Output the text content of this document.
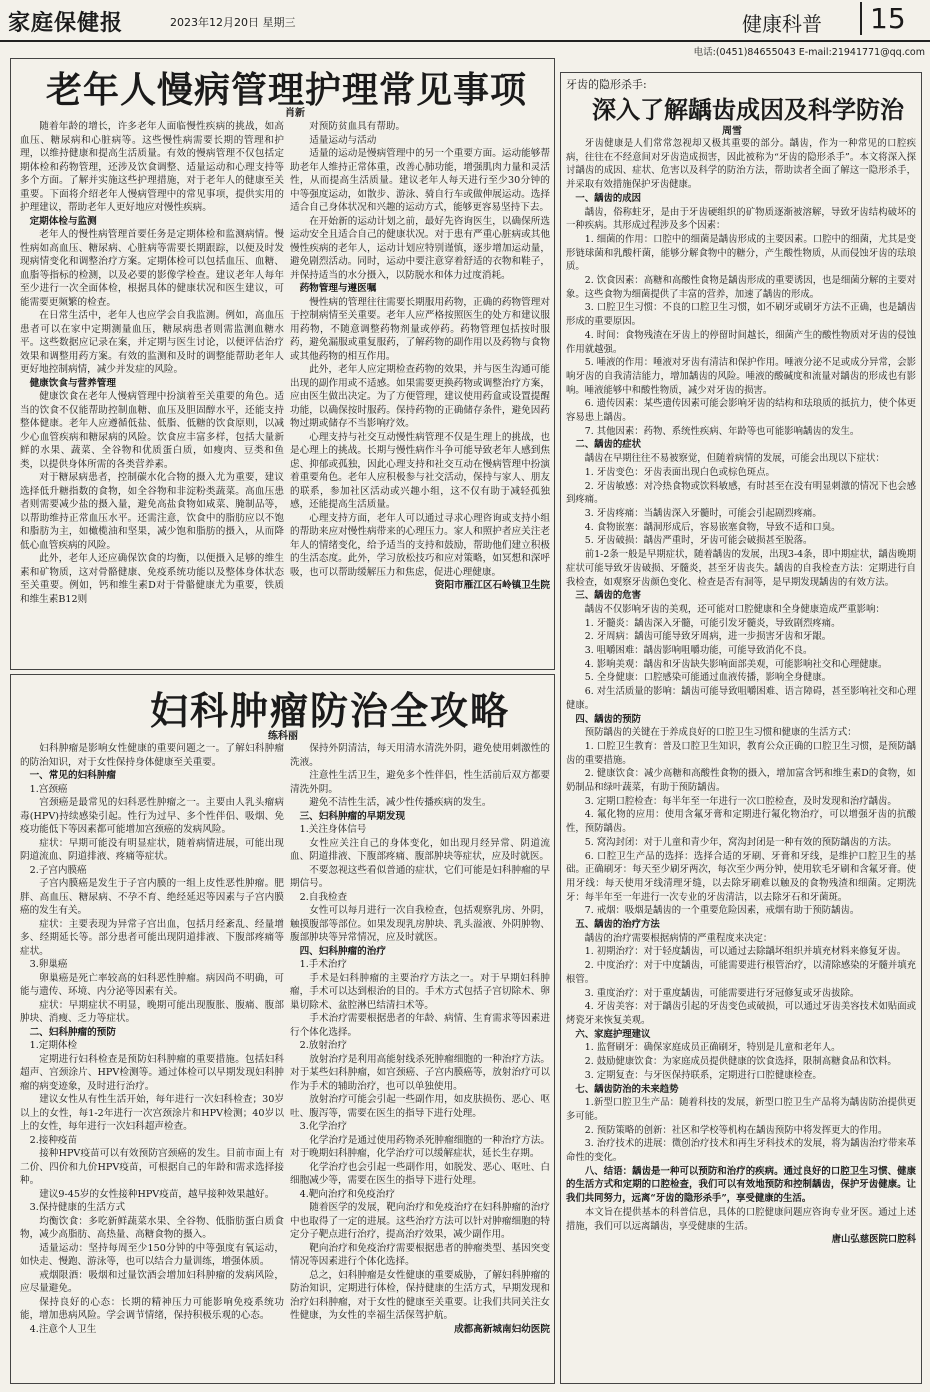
家庭保健报	2023年12月20日 星期三	健康科普	15
电话:(0451)84655043 E-mail:21941771@qq.com
老年人慢病管理护理常见事项
肖新

随着年龄的增长，许多老年人面临慢性疾病的挑战，如高血压、糖尿病和心脏病等。这些慢性病需要长期的管理和护理，以维持健康和提高生活质量。有效的慢病管理不仅包括定期体检和药物管理，还涉及饮食调整、适量运动和心理支持等多个方面。了解并实施这些护理措施，对于老年人的健康至关重要。下面将介绍老年人慢病管理中的常见事项，提供实用的护理建议，帮助老年人更好地应对慢性疾病。

定期体检与监测

老年人的慢性病管理首要任务是定期体检和监测病情。慢性病如高血压、糖尿病、心脏病等需要长期跟踪，以便及时发现病情变化和调整治疗方案。定期体检可以包括血压、血糖、血脂等指标的检测，以及必要的影像学检查。建议老年人每年至少进行一次全面体检，根据具体的健康状况和医生建议，可能需要更频繁的检查。

在日常生活中，老年人也应学会自我监测。例如，高血压患者可以在家中定期测量血压，糖尿病患者则需监测血糖水平。这些数据应记录在案，并定期与医生讨论，以便评估治疗效果和调整用药方案。有效的监测和及时的调整能帮助老年人更好地控制病情，减少并发症的风险。

健康饮食与营养管理

健康饮食在老年人慢病管理中扮演着至关重要的角色。适当的饮食不仅能帮助控制血糖、血压及胆固醇水平，还能支持整体健康。老年人应遵循低盐、低脂、低糖的饮食原则，以减少心血管疾病和糖尿病的风险。饮食应丰富多样，包括大量新鲜的水果、蔬菜、全谷物和优质蛋白质，如瘦肉、豆类和鱼类，以提供身体所需的各类营养素。

对于糖尿病患者，控制碳水化合物的摄入尤为重要，建议选择低升糖指数的食物，如全谷物和非淀粉类蔬菜。高血压患者则需要减少盐的摄入量，避免高盐食物如咸菜、腌制品等，以帮助维持正常血压水平。还需注意，饮食中的脂肪应以不饱和脂肪为主，如橄榄油和坚果，减少饱和脂肪的摄入，从而降低心血管疾病的风险。

此外，老年人还应确保饮食的均衡，以便摄入足够的维生素和矿物质，这对骨骼健康、免疫系统功能以及整体身体状态至关重要。例如，钙和维生素D对于骨骼健康尤为重要，铁质和维生素B12则

对预防贫血具有帮助。

适量运动与活动

适量的运动是慢病管理中的另一个重要方面。运动能够帮助老年人维持正常体重，改善心肺功能，增强肌肉力量和灵活性，从而提高生活质量。建议老年人每天进行至少30分钟的中等强度运动，如散步、游泳、骑自行车或做伸展运动。选择适合自己身体状况和兴趣的运动方式，能够更容易坚持下去。

在开始新的运动计划之前，最好先咨询医生，以确保所选运动安全且适合自己的健康状况。对于患有严重心脏病或其他慢性疾病的老年人，运动计划应特别谨慎，逐步增加运动量，避免剧烈活动。同时，运动中要注意穿着舒适的衣物和鞋子，并保持适当的水分摄入，以防脱水和体力过度消耗。

药物管理与遵医嘱

慢性病的管理往往需要长期服用药物，正确的药物管理对于控制病情至关重要。老年人应严格按照医生的处方和建议服用药物，不随意调整药物剂量或停药。药物管理包括按时服药，避免漏服或重复服药，了解药物的副作用以及药物与食物或其他药物的相互作用。

此外，老年人应定期检查药物的效果，并与医生沟通可能出现的副作用或不适感。如果需要更换药物或调整治疗方案，应由医生做出决定。为了方便管理，建议使用药盒或设置提醒功能，以确保按时服药。保持药物的正确储存条件，避免因药物过期或储存不当影响疗效。

心理支持与社交互动慢性病管理不仅是生理上的挑战，也是心理上的挑战。长期与慢性病作斗争可能导致老年人感到焦虑、抑郁或孤独，因此心理支持和社交互动在慢病管理中扮演着重要角色。老年人应积极参与社交活动，保持与家人、朋友的联系，参加社区活动或兴趣小组，这不仅有助于减轻孤独感，还能提高生活质量。

心理支持方面，老年人可以通过寻求心理咨询或支持小组的帮助来应对慢性病带来的心理压力。家人和照护者应关注老年人的情绪变化，给予适当的支持和鼓励，帮助他们建立积极的生活态度。此外，学习放松技巧和应对策略，如冥想和深呼吸，也可以帮助缓解压力和焦虑，促进心理健康。

资阳市雁江区石岭镇卫生院

妇科肿瘤防治全攻略
练科丽

妇科肿瘤是影响女性健康的重要问题之一。了解妇科肿瘤的防治知识，对于女性保持身体健康至关重要。

一、常见的妇科肿瘤

1.宫颈癌

宫颈癌是最常见的妇科恶性肿瘤之一。主要由人乳头瘤病毒(HPV)持续感染引起。性行为过早、多个性伴侣、吸烟、免疫功能低下等因素都可能增加宫颈癌的发病风险。

症状：早期可能没有明显症状，随着病情进展，可能出现阴道流血、阴道排液、疼痛等症状。

2.子宫内膜癌

子宫内膜癌是发生于子宫内膜的一组上皮性恶性肿瘤。肥胖、高血压、糖尿病、不孕不育、绝经延迟等因素与子宫内膜癌的发生有关。

症状：主要表现为异常子宫出血，包括月经紊乱、经量增多、经期延长等。部分患者可能出现阴道排液、下腹部疼痛等症状。

3.卵巢癌

卵巢癌是死亡率较高的妇科恶性肿瘤。病因尚不明确，可能与遗传、环境、内分泌等因素有关。

症状：早期症状不明显，晚期可能出现腹胀、腹痛、腹部肿块、消瘦、乏力等症状。

二、妇科肿瘤的预防

1.定期体检

定期进行妇科检查是预防妇科肿瘤的重要措施。包括妇科超声、宫颈涂片、HPV检测等。通过体检可以早期发现妇科肿瘤的病变迹象，及时进行治疗。

建议女性从有性生活开始，每年进行一次妇科检查；30岁以上的女性，每1-2年进行一次宫颈涂片和HPV检测；40岁以上的女性，每年进行一次妇科超声检查。

2.接种疫苗

接种HPV疫苗可以有效预防宫颈癌的发生。目前市面上有二价、四价和九价HPV疫苗，可根据自己的年龄和需求选择接种。

建议9-45岁的女性接种HPV疫苗，越早接种效果越好。

3.保持健康的生活方式

均衡饮食：多吃新鲜蔬菜水果、全谷物、低脂肪蛋白质食物，减少高脂肪、高热量、高糖食物的摄入。

适量运动：坚持每周至少150分钟的中等强度有氧运动，如快走、慢跑、游泳等，也可以结合力量训练，增强体质。

戒烟限酒：吸烟和过量饮酒会增加妇科肿瘤的发病风险，应尽量避免。

保持良好的心态：长期的精神压力可能影响免疫系统功能，增加患病风险。学会调节情绪，保持积极乐观的心态。

4.注意个人卫生

保持外阴清洁，每天用清水清洗外阴，避免使用刺激性的洗液。

注意性生活卫生，避免多个性伴侣，性生活前后双方都要清洗外阴。

避免不洁性生活，减少性传播疾病的发生。

三、妇科肿瘤的早期发现

1.关注身体信号

女性应关注自己的身体变化，如出现月经异常、阴道流血、阴道排液、下腹部疼痛、腹部肿块等症状，应及时就医。

不要忽视这些看似普通的症状，它们可能是妇科肿瘤的早期信号。

2.自我检查

女性可以每月进行一次自我检查，包括观察乳房、外阴，触摸腹部等部位。如果发现乳房肿块、乳头溢液、外阴肿物、腹部肿块等异常情况，应及时就医。

四、妇科肿瘤的治疗

1.手术治疗

手术是妇科肿瘤的主要治疗方法之一。对于早期妇科肿瘤，手术可以达到根治的目的。手术方式包括子宫切除术、卵巢切除术、盆腔淋巴结清扫术等。

手术治疗需要根据患者的年龄、病情、生育需求等因素进行个体化选择。

2.放射治疗

放射治疗是利用高能射线杀死肿瘤细胞的一种治疗方法。对于某些妇科肿瘤，如宫颈癌、子宫内膜癌等，放射治疗可以作为手术的辅助治疗，也可以单独使用。

放射治疗可能会引起一些副作用，如皮肤损伤、恶心、呕吐、腹泻等，需要在医生的指导下进行处理。

3.化学治疗

化学治疗是通过使用药物杀死肿瘤细胞的一种治疗方法。对于晚期妇科肿瘤，化学治疗可以缓解症状，延长生存期。

化学治疗也会引起一些副作用，如脱发、恶心、呕吐、白细胞减少等，需要在医生的指导下进行处理。

4.靶向治疗和免疫治疗

随着医学的发展，靶向治疗和免疫治疗在妇科肿瘤的治疗中也取得了一定的进展。这些治疗方法可以针对肿瘤细胞的特定分子靶点进行治疗，提高治疗效果，减少副作用。

靶向治疗和免疫治疗需要根据患者的肿瘤类型、基因突变情况等因素进行个体化选择。

总之，妇科肿瘤是女性健康的重要威胁，了解妇科肿瘤的防治知识，定期进行体检，保持健康的生活方式，早期发现和治疗妇科肿瘤，对于女性的健康至关重要。让我们共同关注女性健康，为女性的幸福生活保驾护航。

成都高新城南妇幼医院

牙齿的隐形杀手:
深入了解龋齿成因及科学防治
周雪

牙齿健康是人们常常忽视却又极其重要的部分。龋齿，作为一种常见的口腔疾病，往往在不经意间对牙齿造成损害，因此被称为“牙齿的隐形杀手”。本文将深入探讨龋齿的成因、症状、危害以及科学的防治方法，帮助读者全面了解这一隐形杀手，并采取有效措施保护牙齿健康。

一、龋齿的成因

龋齿，俗称蛀牙，是由于牙齿硬组织的矿物质逐渐被溶解，导致牙齿结构破坏的一种疾病。其形成过程涉及多个因素：

1. 细菌的作用：口腔中的细菌是龋齿形成的主要因素。口腔中的细菌，尤其是变形链球菌和乳酸杆菌，能够分解食物中的糖分，产生酸性物质，从而侵蚀牙齿的珐琅质。

2. 饮食因素：高糖和高酸性食物是龋齿形成的重要诱因，也是细菌分解的主要对象。这些食物为细菌提供了丰富的营养，加速了龋齿的形成。

3. 口腔卫生习惯：不良的口腔卫生习惯，如不刷牙或刷牙方法不正确，也是龋齿形成的重要原因。

4. 时间：食物残渣在牙齿上的停留时间越长，细菌产生的酸性物质对牙齿的侵蚀作用就越强。

5. 唾液的作用：唾液对牙齿有清洁和保护作用。唾液分泌不足或成分异常，会影响牙齿的自我清洁能力，增加龋齿的风险。唾液的酸碱度和流量对龋齿的形成也有影响。唾液能够中和酸性物质，减少对牙齿的损害。

6. 遗传因素：某些遗传因素可能会影响牙齿的结构和珐琅质的抵抗力，使个体更容易患上龋齿。

7. 其他因素：药物、系统性疾病、年龄等也可能影响龋齿的发生。

二、龋齿的症状

龋齿在早期往往不易被察觉，但随着病情的发展，可能会出现以下症状：

1. 牙齿变色：牙齿表面出现白色或棕色斑点。

2. 牙齿敏感：对冷热食物或饮料敏感，有时甚至在没有明显刺激的情况下也会感到疼痛。

3. 牙齿疼痛：当龋齿深入牙髓时，可能会引起剧烈疼痛。

4. 食物嵌塞：龋洞形成后，容易嵌塞食物，导致不适和口臭。

5. 牙齿破损：龋齿严重时，牙齿可能会破损甚至脱落。

前1-2条一般是早期症状，随着龋齿的发展，出现3-4条，即中期症状，龋齿晚期症状可能导致牙齿破损、牙髓炎，甚至牙齿丧失。龋齿的自我检查方法：定期进行自我检查，如观察牙齿颜色变化、检查是否有洞等，是早期发现龋齿的有效方法。

三、龋齿的危害

龋齿不仅影响牙齿的美观，还可能对口腔健康和全身健康造成严重影响：

1. 牙髓炎：龋齿深入牙髓，可能引发牙髓炎，导致剧烈疼痛。

2. 牙周病：龋齿可能导致牙周病，进一步损害牙齿和牙龈。

3. 咀嚼困难：龋齿影响咀嚼功能，可能导致消化不良。

4. 影响美观：龋齿和牙齿缺失影响面部美观，可能影响社交和心理健康。

5. 全身健康：口腔感染可能通过血液传播，影响全身健康。

6. 对生活质量的影响：龋齿可能导致咀嚼困难、语言障碍，甚至影响社交和心理健康。

四、龋齿的预防

预防龋齿的关键在于养成良好的口腔卫生习惯和健康的生活方式：

1. 口腔卫生教育：普及口腔卫生知识，教育公众正确的口腔卫生习惯，是预防龋齿的重要措施。

2. 健康饮食：减少高糖和高酸性食物的摄入，增加富含钙和维生素D的食物，如奶制品和绿叶蔬菜，有助于预防龋齿。

3. 定期口腔检查：每半年至一年进行一次口腔检查，及时发现和治疗龋齿。

4. 氟化物的应用：使用含氟牙膏和定期进行氟化物治疗，可以增强牙齿的抗酸性，预防龋齿。

5. 窝沟封闭：对于儿童和青少年，窝沟封闭是一种有效的预防龋齿的方法。

6. 口腔卫生产品的选择：选择合适的牙刷、牙膏和牙线，是维护口腔卫生的基础。正确刷牙：每天至少刷牙两次，每次至少两分钟，使用软毛牙刷和含氟牙膏。使用牙线：每天使用牙线清理牙缝，以去除牙刷难以触及的食物残渣和细菌。定期洗牙：每半年至一年进行一次专业的牙齿清洁，以去除牙石和牙菌斑。

7. 戒烟：吸烟是龋齿的一个重要危险因素，戒烟有助于预防龋齿。

五、龋齿的治疗方法

龋齿的治疗需要根据病情的严重程度来决定：

1. 初期治疗：对于轻度龋齿，可以通过去除龋坏组织并填充材料来修复牙齿。

2. 中度治疗：对于中度龋齿，可能需要进行根管治疗，以清除感染的牙髓并填充根管。

3. 重度治疗：对于重度龋齿，可能需要进行牙冠修复或牙齿拔除。

4. 牙齿美容：对于龋齿引起的牙齿变色或破损，可以通过牙齿美容技术如贴面或烤瓷牙来恢复美观。

六、家庭护理建议

1. 监督刷牙：确保家庭成员正确刷牙，特别是儿童和老年人。

2. 鼓励健康饮食：为家庭成员提供健康的饮食选择，限制高糖食品和饮料。

3. 定期复查：与牙医保持联系，定期进行口腔健康检查。

七、龋齿防治的未来趋势

1.新型口腔卫生产品：随着科技的发展，新型口腔卫生产品将为龋齿防治提供更多可能。

2. 预防策略的创新：社区和学校等机构在龋齿预防中将发挥更大的作用。

3. 治疗技术的进展：微创治疗技术和再生牙科技术的发展，将为龋齿治疗带来革命性的变化。

八、结语：龋齿是一种可以预防和治疗的疾病。通过良好的口腔卫生习惯、健康的生活方式和定期的口腔检查，我们可以有效地预防和控制龋齿，保护牙齿健康。让我们共同努力，远离“牙齿的隐形杀手”，享受健康的生活。

本文旨在提供基本的科普信息，具体的口腔健康问题应咨询专业牙医。通过上述措施，我们可以远离龋齿，享受健康的生活。

唐山弘慈医院口腔科
